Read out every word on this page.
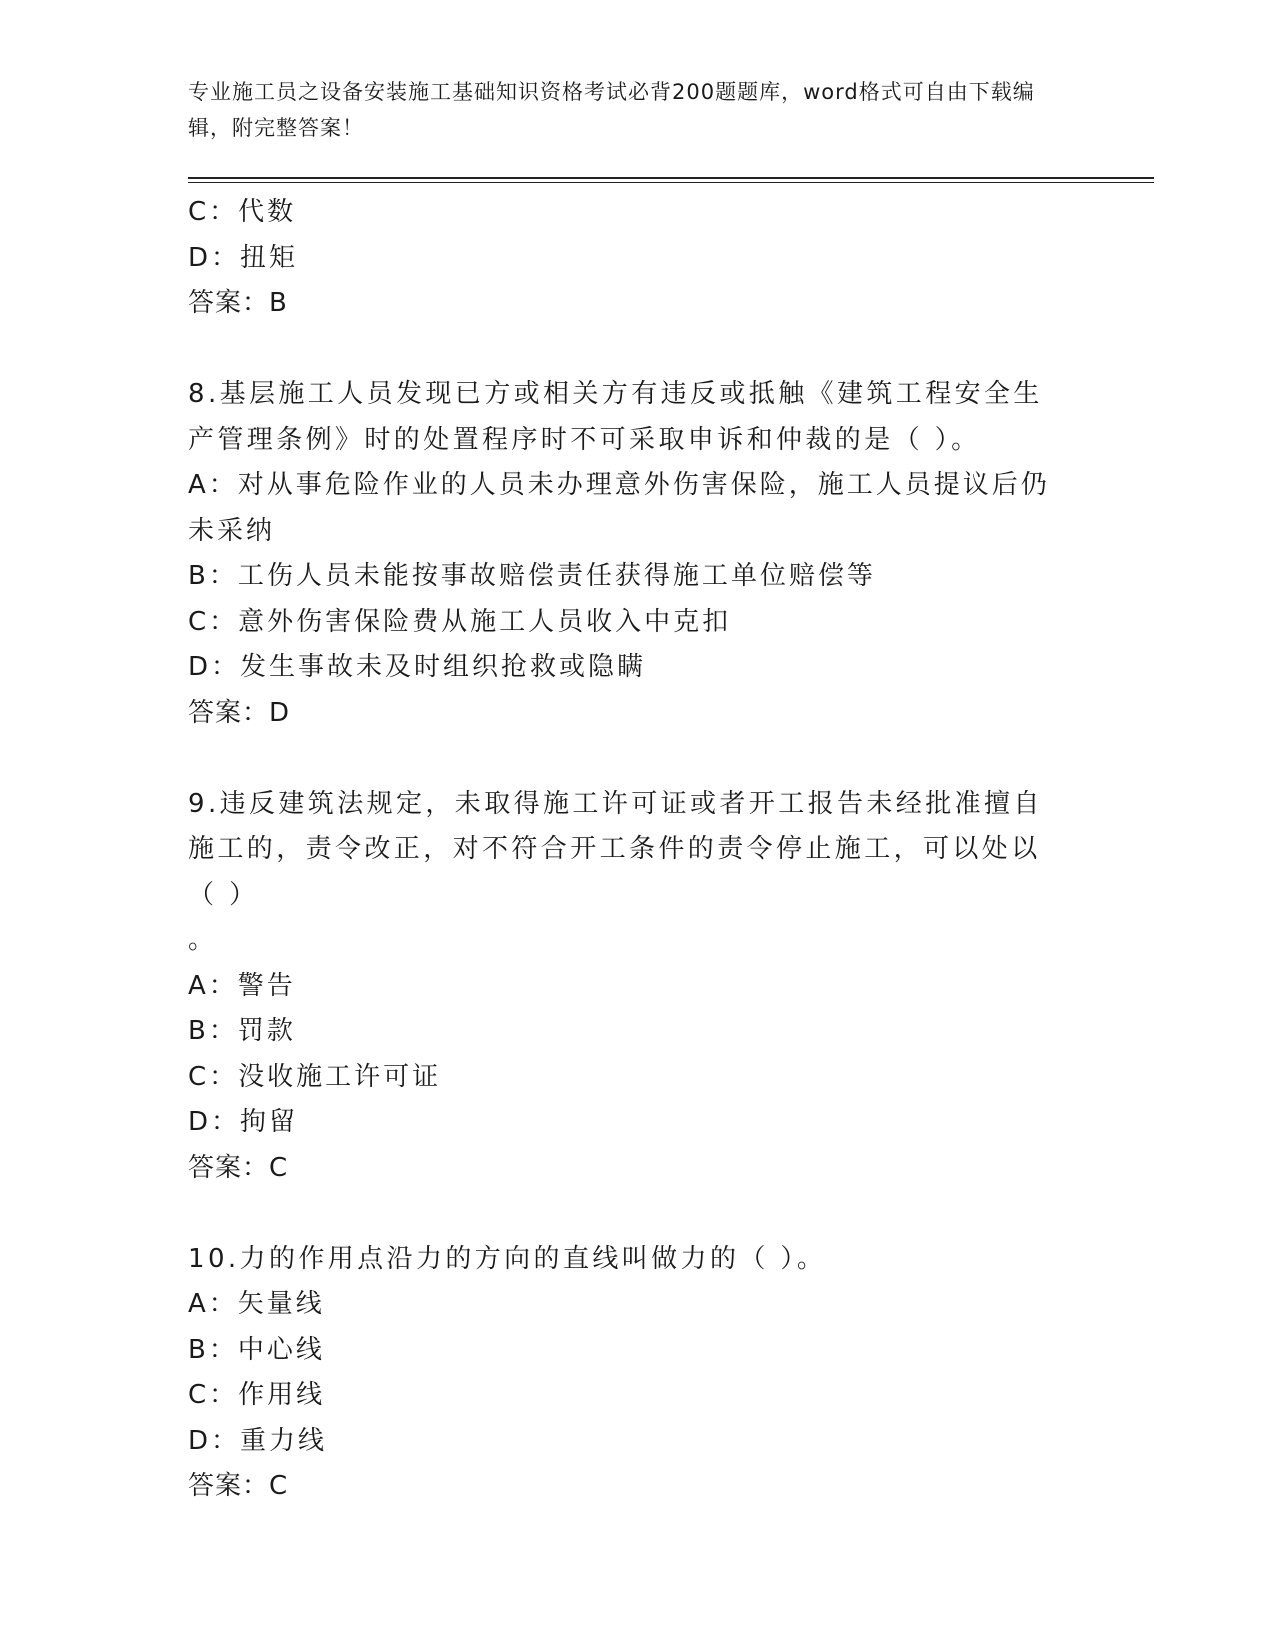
专业施工员之设备安装施工基础知识资格考试必背200题题库，word格式可自由下载编辑，附完整答案！
C：代数
D：扭矩
答案：B
8.基层施工人员发现已方或相关方有违反或抵触《建筑工程安全生产管理条例》时的处置程序时不可采取申诉和仲裁的是（ ）。
A：对从事危险作业的人员未办理意外伤害保险，施工人员提议后仍未采纳
B：工伤人员未能按事故赔偿责任获得施工单位赔偿等
C：意外伤害保险费从施工人员收入中克扣
D：发生事故未及时组织抢救或隐瞒
答案：D
9.违反建筑法规定，未取得施工许可证或者开工报告未经批准擅自施工的，责令改正，对不符合开工条件的责令停止施工，可以处以（ ）
。
A：警告
B：罚款
C：没收施工许可证
D：拘留
答案：C
10.力的作用点沿力的方向的直线叫做力的（ ）。
A：矢量线
B：中心线
C：作用线
D：重力线
答案：C
